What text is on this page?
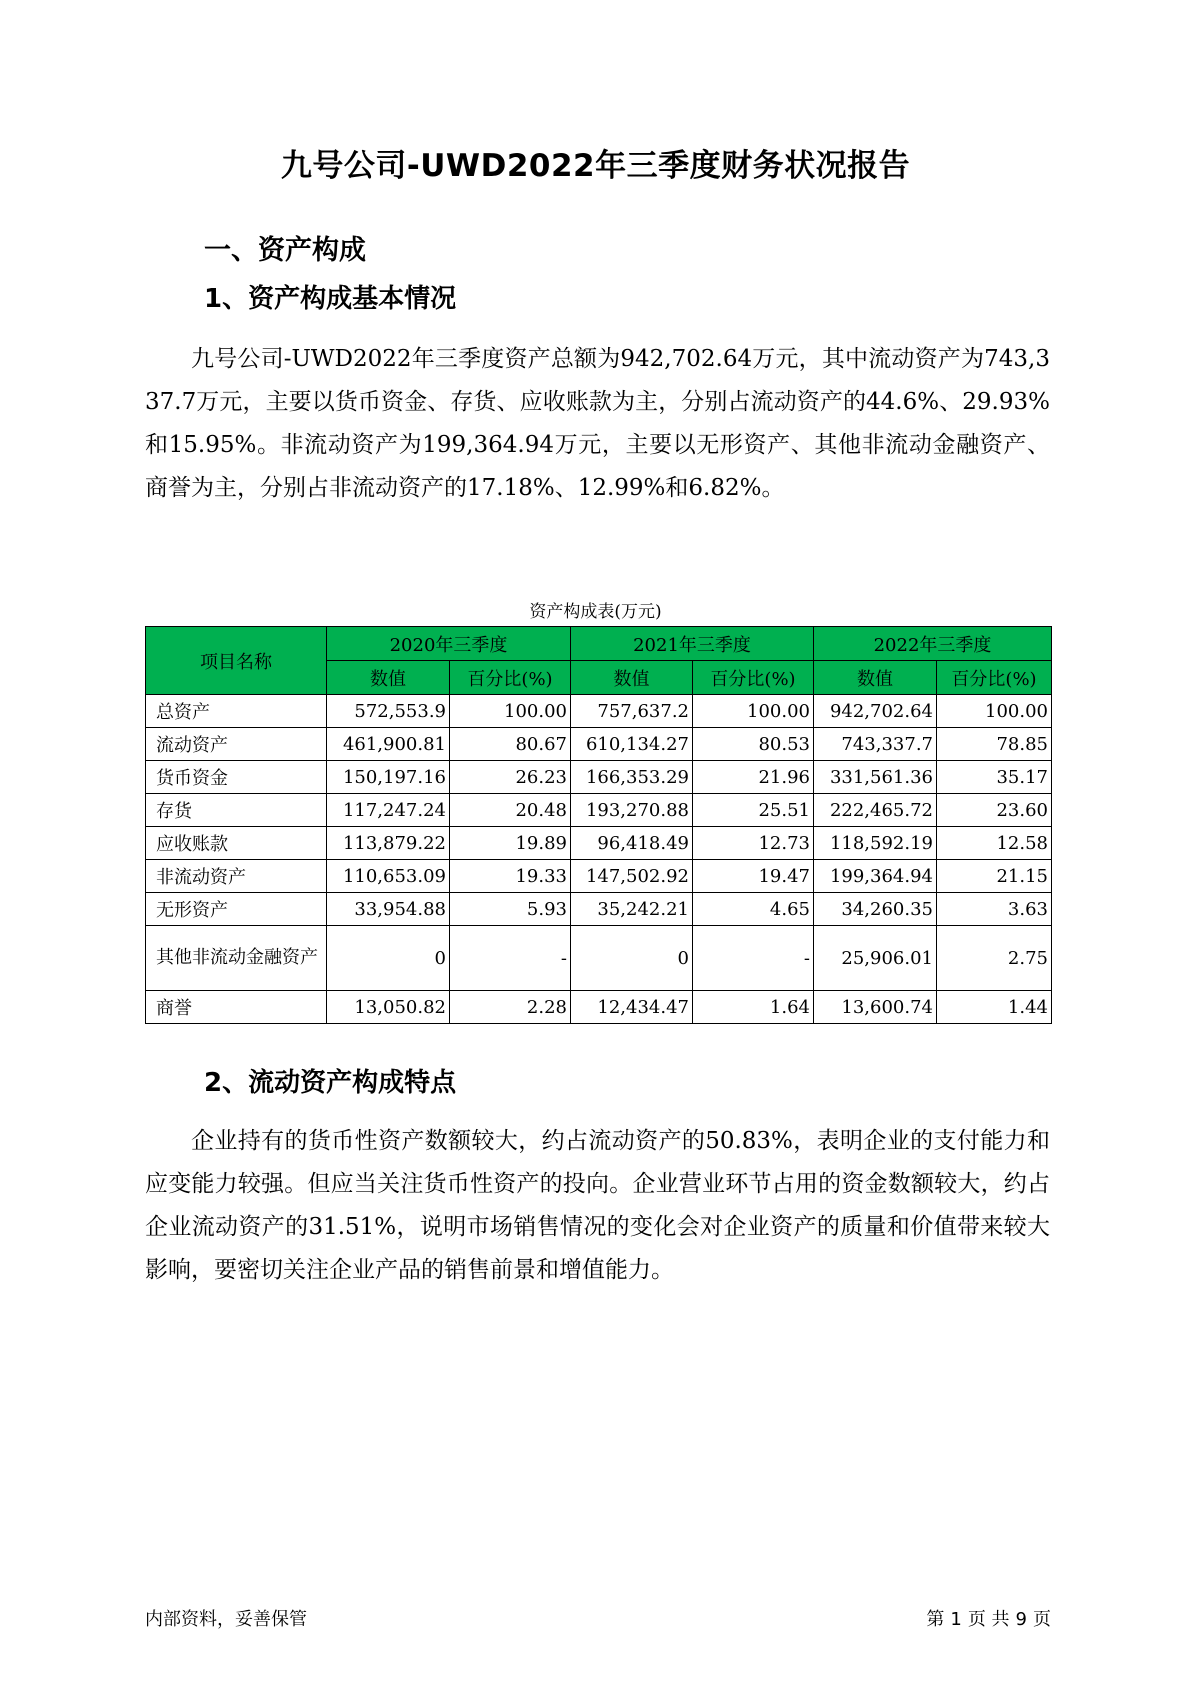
九号公司-UWD2022年三季度财务状况报告
一、资产构成
1、资产构成基本情况

九号公司-UWD2022年三季度资产总额为942,702.64万元，其中流动资产为743,337.7万元，主要以货币资金、存货、应收账款为主，分别占流动资产的44.6%、29.93%和15.95%。非流动资产为199,364.94万元，主要以无形资产、其他非流动金融资产、商誉为主，分别占非流动资产的17.18%、12.99%和6.82%。

资产构成表(万元)

项目名称	2020年三季度		2021年三季度		2022年三季度	
	数值	百分比(%)	数值	百分比(%)	数值	百分比(%)
总资产	572,553.9	100.00	757,637.2	100.00	942,702.64	100.00
流动资产	461,900.81	80.67	610,134.27	80.53	743,337.7	78.85
货币资金	150,197.16	26.23	166,353.29	21.96	331,561.36	35.17
存货	117,247.24	20.48	193,270.88	25.51	222,465.72	23.60
应收账款	113,879.22	19.89	96,418.49	12.73	118,592.19	12.58
非流动资产	110,653.09	19.33	147,502.92	19.47	199,364.94	21.15
无形资产	33,954.88	5.93	35,242.21	4.65	34,260.35	3.63
其他非流动金融资产	0	-	0	-	25,906.01	2.75
商誉	13,050.82	2.28	12,434.47	1.64	13,600.74	1.44
2、流动资产构成特点

企业持有的货币性资产数额较大，约占流动资产的50.83%，表明企业的支付能力和应变能力较强。但应当关注货币性资产的投向。企业营业环节占用的资金数额较大，约占企业流动资产的31.51%，说明市场销售情况的变化会对企业资产的质量和价值带来较大影响，要密切关注企业产品的销售前景和增值能力。

内部资料，妥善保管	第 1 页 共 9 页
